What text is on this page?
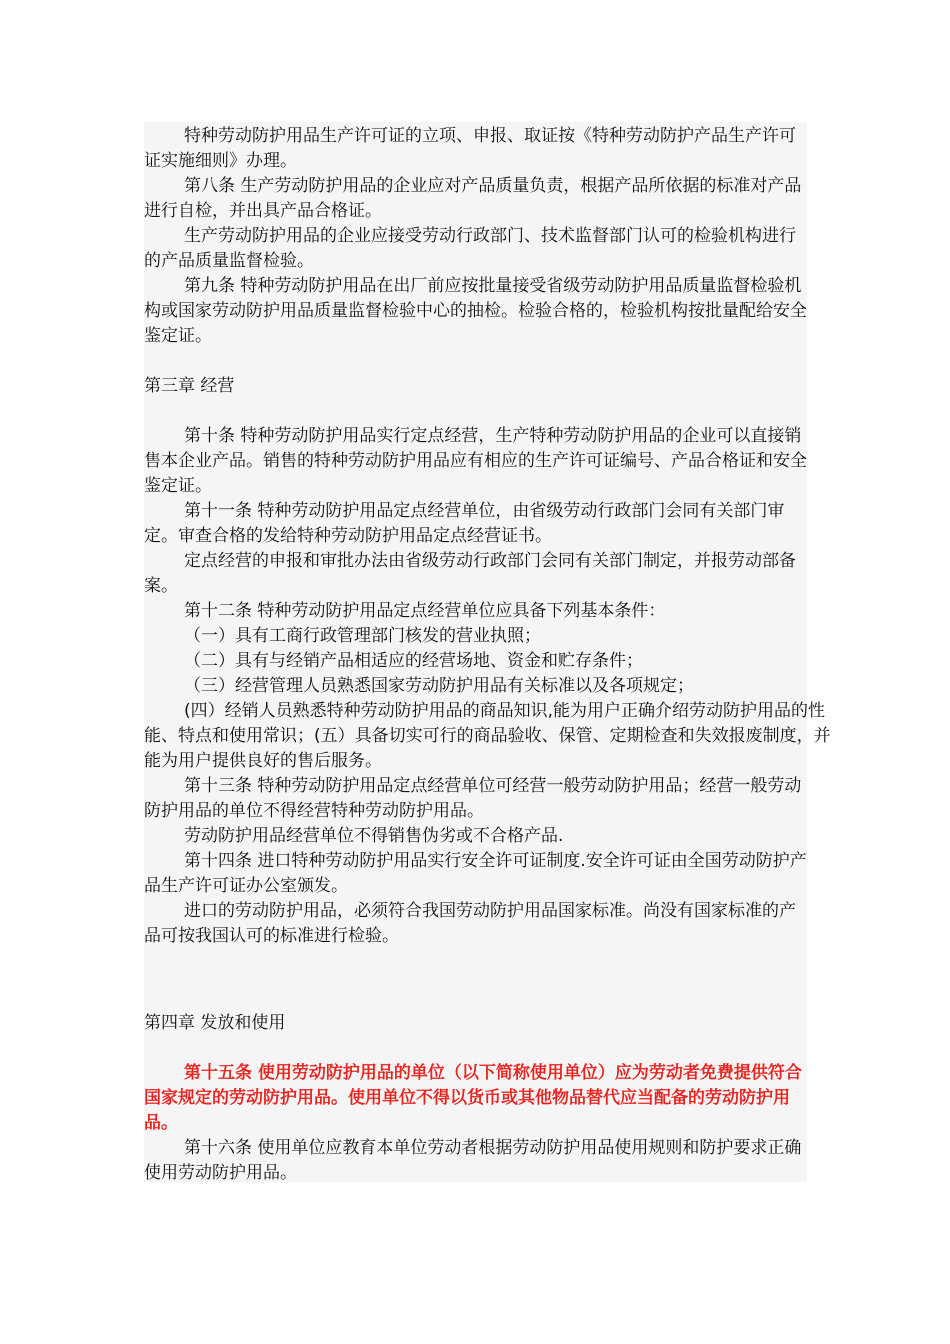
特种劳动防护用品生产许可证的立项、申报、取证按《特种劳动防护产品生产许可证实施细则》办理。

第八条 生产劳动防护用品的企业应对产品质量负责，根据产品所依据的标准对产品进行自检，并出具产品合格证。

生产劳动防护用品的企业应接受劳动行政部门、技术监督部门认可的检验机构进行的产品质量监督检验。

第九条 特种劳动防护用品在出厂前应按批量接受省级劳动防护用品质量监督检验机构或国家劳动防护用品质量监督检验中心的抽检。检验合格的，检验机构按批量配给安全鉴定证。

第三章 经营

第十条 特种劳动防护用品实行定点经营，生产特种劳动防护用品的企业可以直接销售本企业产品。销售的特种劳动防护用品应有相应的生产许可证编号、产品合格证和安全鉴定证。

第十一条 特种劳动防护用品定点经营单位，由省级劳动行政部门会同有关部门审定。审查合格的发给特种劳动防护用品定点经营证书。

定点经营的申报和审批办法由省级劳动行政部门会同有关部门制定，并报劳动部备案。

第十二条 特种劳动防护用品定点经营单位应具备下列基本条件：

（一）具有工商行政管理部门核发的营业执照；

（二）具有与经销产品相适应的经营场地、资金和贮存条件；

（三）经营管理人员熟悉国家劳动防护用品有关标准以及各项规定；

(四）经销人员熟悉特种劳动防护用品的商品知识,能为用户正确介绍劳动防护用品的性能、特点和使用常识；(五）具备切实可行的商品验收、保管、定期检查和失效报废制度，并能为用户提供良好的售后服务。

第十三条 特种劳动防护用品定点经营单位可经营一般劳动防护用品；经营一般劳动防护用品的单位不得经营特种劳动防护用品。

劳动防护用品经营单位不得销售伪劣或不合格产品.

第十四条 进口特种劳动防护用品实行安全许可证制度.安全许可证由全国劳动防护产品生产许可证办公室颁发。

进口的劳动防护用品，必须符合我国劳动防护用品国家标准。尚没有国家标准的产品可按我国认可的标准进行检验。

第四章 发放和使用

第十五条 使用劳动防护用品的单位（以下简称使用单位）应为劳动者免费提供符合国家规定的劳动防护用品。使用单位不得以货币或其他物品替代应当配备的劳动防护用品。

第十六条 使用单位应教育本单位劳动者根据劳动防护用品使用规则和防护要求正确使用劳动防护用品。
